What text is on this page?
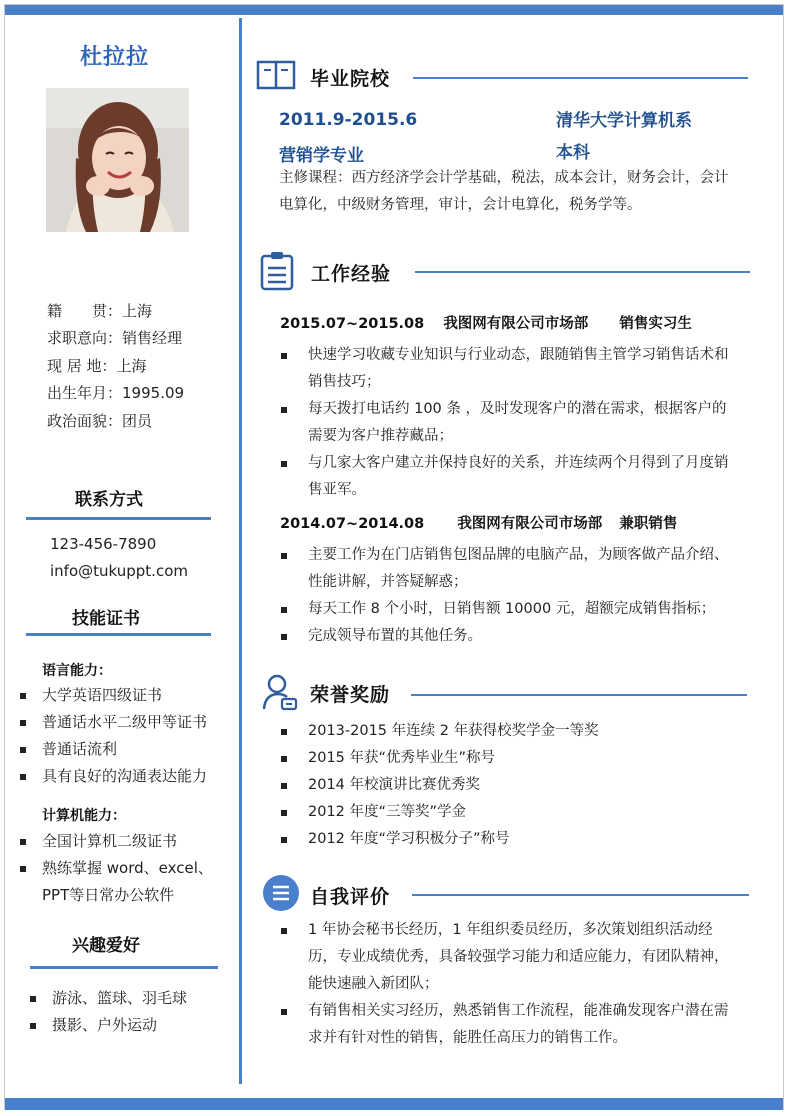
杜拉拉
籍　　贯：上海
求职意向：销售经理
现 居 地：上海
出生年月：1995.09
政治面貌：团员
联系方式
123-456-7890
info@tukuppt.com
技能证书
语言能力：
大学英语四级证书
普通话水平二级甲等证书
普通话流利
具有良好的沟通表达能力
计算机能力：
全国计算机二级证书
熟练掌握 word、excel、PPT等日常办公软件
兴趣爱好
游泳、篮球、羽毛球
摄影、户外运动
毕业院校
2011.9-2015.6	清华大学计算机系
营销学专业	本科
主修课程：西方经济学会计学基础，税法，成本会计，财务会计，会计电算化，中级财务管理，审计，会计电算化，税务学等。
工作经验
2015.07~2015.08 我图网有限公司市场部 销售实习生
快速学习收藏专业知识与行业动态，跟随销售主管学习销售话术和销售技巧；
每天拨打电话约 100 条 ，及时发现客户的潜在需求，根据客户的需要为客户推荐藏品；
与几家大客户建立并保持良好的关系，并连续两个月得到了月度销售亚军。
2014.07~2014.08 我图网有限公司市场部 兼职销售
主要工作为在门店销售包图品牌的电脑产品，为顾客做产品介绍、性能讲解，并答疑解惑；
每天工作 8 个小时，日销售额 10000 元，超额完成销售指标；
完成领导布置的其他任务。
荣誉奖励
2013-2015 年连续 2 年获得校奖学金一等奖
2015 年获“优秀毕业生”称号
2014 年校演讲比赛优秀奖
2012 年度“三等奖”学金
2012 年度“学习积极分子”称号
自我评价
1 年协会秘书长经历，1 年组织委员经历，多次策划组织活动经历，专业成绩优秀，具备较强学习能力和适应能力，有团队精神，能快速融入新团队；
有销售相关实习经历，熟悉销售工作流程，能准确发现客户潜在需求并有针对性的销售，能胜任高压力的销售工作。
